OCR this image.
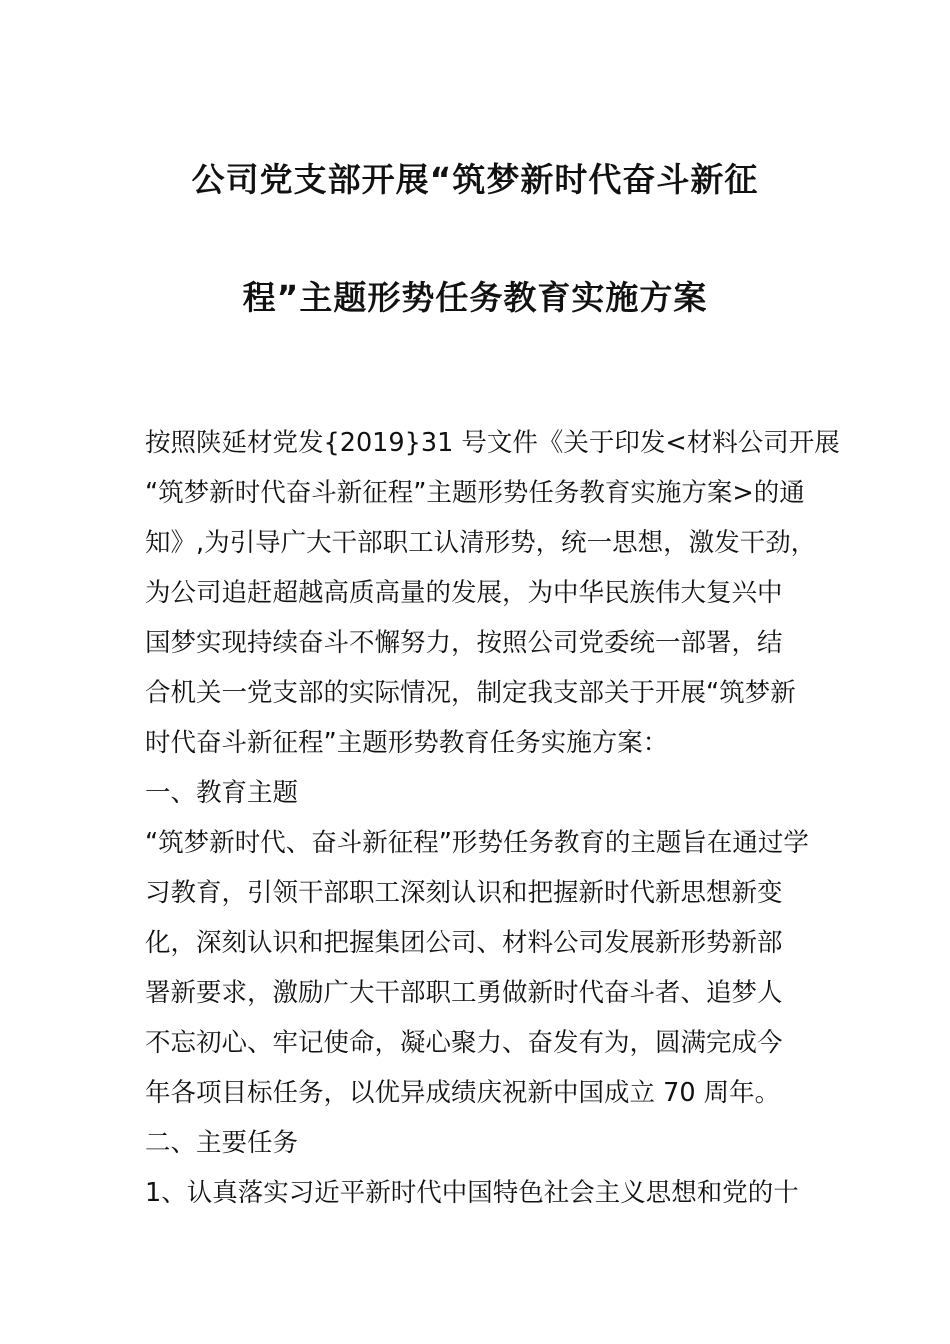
公司党支部开展“筑梦新时代奋斗新征
程”主题形势任务教育实施方案
按照陕延材党发{2019}31 号文件《关于印发<材料公司开展
“筑梦新时代奋斗新征程”主题形势任务教育实施方案>的通
知》,为引导广大干部职工认清形势，统一思想，激发干劲，
为公司追赶超越高质高量的发展，为中华民族伟大复兴中
国梦实现持续奋斗不懈努力，按照公司党委统一部署，结
合机关一党支部的实际情况，制定我支部关于开展“筑梦新
时代奋斗新征程”主题形势教育任务实施方案：
一、教育主题
“筑梦新时代、奋斗新征程”形势任务教育的主题旨在通过学
习教育，引领干部职工深刻认识和把握新时代新思想新变
化，深刻认识和把握集团公司、材料公司发展新形势新部
署新要求，激励广大干部职工勇做新时代奋斗者、追梦人
不忘初心、牢记使命，凝心聚力、奋发有为，圆满完成今
年各项目标任务，以优异成绩庆祝新中国成立 70 周年。
二、主要任务
1、认真落实习近平新时代中国特色社会主义思想和党的十
